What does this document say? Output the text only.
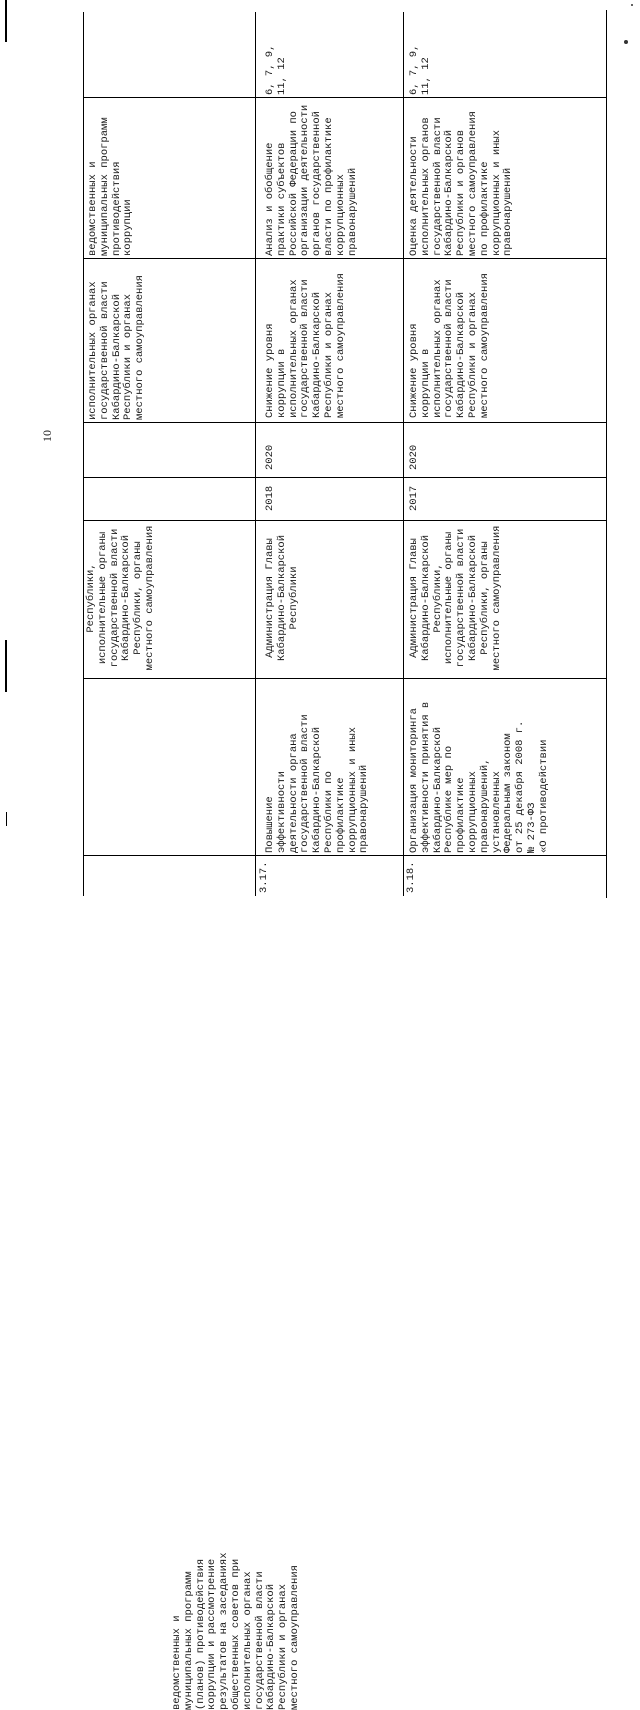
10
ведомственных и
муниципальных программ
(планов) противодействия
коррупции и рассмотрение
результатов на заседаниях
общественных советов при
исполнительных органах
государственной власти
Кабардино-Балкарской
Республики и органах
местного самоуправления
Республики,
исполнительные органы
государственной власти
Кабардино-Балкарской
Республики, органы
местного самоуправления
исполнительных органах
государственной власти
Кабардино-Балкарской
Республики и органах
местного самоуправления
ведомственных и
муниципальных программ
противодействия
коррупции
3.17.
Повышение
эффективности
деятельности органа
государственной власти
Кабардино-Балкарской
Республики по
профилактике
коррупционных и иных
правонарушений
Администрация Главы
Кабардино-Балкарской
Республики
2018
2020
Снижение уровня
коррупции в
исполнительных органах
государственной власти
Кабардино-Балкарской
Республики и органах
местного самоуправления
Анализ и обобщение
практики субъектов
Российской Федерации по
организации деятельности
органов государственной
власти по профилактике
коррупционных
правонарушений
6, 7, 9,
11, 12
3.18.
Организация мониторинга
эффективности принятия в
Кабардино-Балкарской
Республике мер по
профилактике
коррупционных
правонарушений,
установленных
Федеральным законом
от 25 декабря 2008 г.
№ 273-ФЗ
«О противодействии
Администрация Главы
Кабардино-Балкарской
Республики,
исполнительные органы
государственной власти
Кабардино-Балкарской
Республики, органы
местного самоуправления
2017
2020
Снижение уровня
коррупции в
исполнительных органах
государственной власти
Кабардино-Балкарской
Республики и органах
местного самоуправления
Оценка деятельности
исполнительных органов
государственной власти
Кабардино-Балкарской
Республики и органов
местного самоуправления
по профилактике
коррупционных и иных
правонарушений
6, 7, 9,
11, 12
